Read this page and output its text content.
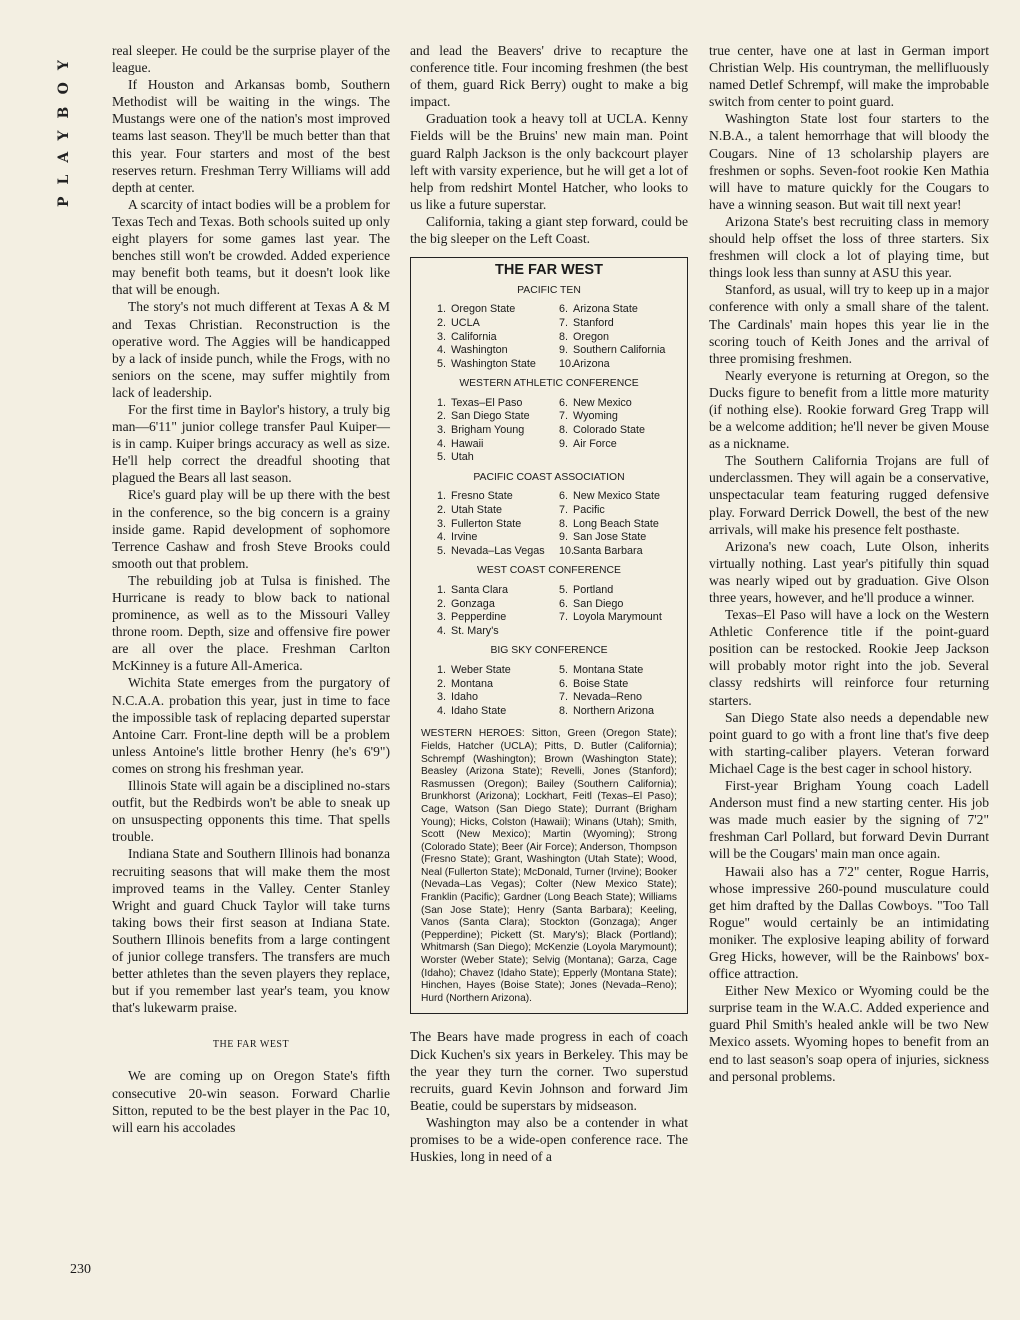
PLAYBOY
230

real sleeper. He could be the surprise player of the league.

If Houston and Arkansas bomb, Southern Methodist will be waiting in the wings. The Mustangs were one of the nation's most improved teams last season. They'll be much better than that this year. Four starters and most of the best reserves return. Freshman Terry Williams will add depth at center.

A scarcity of intact bodies will be a problem for Texas Tech and Texas. Both schools suited up only eight players for some games last year. The benches still won't be crowded. Added experience may benefit both teams, but it doesn't look like that will be enough.

The story's not much different at Texas A & M and Texas Christian. Reconstruction is the operative word. The Aggies will be handicapped by a lack of inside punch, while the Frogs, with no seniors on the scene, may suffer mightily from lack of leadership.

For the first time in Baylor's history, a truly big man—6'11" junior college transfer Paul Kuiper—is in camp. Kuiper brings accuracy as well as size. He'll help correct the dreadful shooting that plagued the Bears all last season.

Rice's guard play will be up there with the best in the conference, so the big concern is a grainy inside game. Rapid development of sophomore Terrence Cashaw and frosh Steve Brooks could smooth out that problem.

The rebuilding job at Tulsa is finished. The Hurricane is ready to blow back to national prominence, as well as to the Missouri Valley throne room. Depth, size and offensive fire power are all over the place. Freshman Carlton McKinney is a future All-America.

Wichita State emerges from the purgatory of N.C.A.A. probation this year, just in time to face the impossible task of replacing departed superstar Antoine Carr. Front-line depth will be a problem unless Antoine's little brother Henry (he's 6'9") comes on strong his freshman year.

Illinois State will again be a disciplined no-stars outfit, but the Redbirds won't be able to sneak up on unsuspecting opponents this time. That spells trouble.

Indiana State and Southern Illinois had bonanza recruiting seasons that will make them the most improved teams in the Valley. Center Stanley Wright and guard Chuck Taylor will take turns taking bows their first season at Indiana State. Southern Illinois benefits from a large contingent of junior college transfers. The transfers are much better athletes than the seven players they replace, but if you remember last year's team, you know that's lukewarm praise.

THE FAR WEST

We are coming up on Oregon State's fifth consecutive 20-win season. Forward Charlie Sitton, reputed to be the best player in the Pac 10, will earn his accolades

and lead the Beavers' drive to recapture the conference title. Four incoming freshmen (the best of them, guard Rick Berry) ought to make a big impact.

Graduation took a heavy toll at UCLA. Kenny Fields will be the Bruins' new main man. Point guard Ralph Jackson is the only backcourt player left with varsity experience, but he will get a lot of help from redshirt Montel Hatcher, who looks to us like a future superstar.

California, taking a giant step forward, could be the big sleeper on the Left Coast.

THE FAR WEST
PACIFIC TEN
1. Oregon State	6. Arizona State
2. UCLA	7. Stanford
3. California	8. Oregon
4. Washington	9. Southern California
5. Washington State	10.Arizona
WESTERN ATHLETIC CONFERENCE
1. Texas–El Paso	6. New Mexico
2. San Diego State	7. Wyoming
3. Brigham Young	8. Colorado State
4. Hawaii	9. Air Force
5. Utah
PACIFIC COAST ASSOCIATION
1. Fresno State	6. New Mexico State
2. Utah State	7. Pacific
3. Fullerton State	8. Long Beach State
4. Irvine	9. San Jose State
5. Nevada–Las Vegas	10.Santa Barbara
WEST COAST CONFERENCE
1. Santa Clara	5. Portland
2. Gonzaga	6. San Diego
3. Pepperdine	7. Loyola Marymount
4. St. Mary's
BIG SKY CONFERENCE
1. Weber State	5. Montana State
2. Montana	6. Boise State
3. Idaho	7. Nevada–Reno
4. Idaho State	8. Northern Arizona
WESTERN HEROES: Sitton, Green (Oregon State); Fields, Hatcher (UCLA); Pitts, D. Butler (California); Schrempf (Washington); Brown (Washington State); Beasley (Arizona State); Revelli, Jones (Stanford); Rasmussen (Oregon); Bailey (Southern California); Brunkhorst (Arizona); Lockhart, Feitl (Texas–El Paso); Cage, Watson (San Diego State); Durrant (Brigham Young); Hicks, Colston (Hawaii); Winans (Utah); Smith, Scott (New Mexico); Martin (Wyoming); Strong (Colorado State); Beer (Air Force); Anderson, Thompson (Fresno State); Grant, Washington (Utah State); Wood, Neal (Fullerton State); McDonald, Turner (Irvine); Booker (Nevada–Las Vegas); Colter (New Mexico State); Franklin (Pacific); Gardner (Long Beach State); Williams (San Jose State); Henry (Santa Barbara); Keeling, Vanos (Santa Clara); Stockton (Gonzaga); Anger (Pepperdine); Pickett (St. Mary's); Black (Portland); Whitmarsh (San Diego); McKenzie (Loyola Marymount); Worster (Weber State); Selvig (Montana); Garza, Cage (Idaho); Chavez (Idaho State); Epperly (Montana State); Hinchen, Hayes (Boise State); Jones (Nevada–Reno); Hurd (Northern Arizona).

The Bears have made progress in each of coach Dick Kuchen's six years in Berkeley. This may be the year they turn the corner. Two superstud recruits, guard Kevin Johnson and forward Jim Beatie, could be superstars by midseason.

Washington may also be a contender in what promises to be a wide-open conference race. The Huskies, long in need of a

true center, have one at last in German import Christian Welp. His countryman, the mellifluously named Detlef Schrempf, will make the improbable switch from center to point guard.

Washington State lost four starters to the N.B.A., a talent hemorrhage that will bloody the Cougars. Nine of 13 scholarship players are freshmen or sophs. Seven-foot rookie Ken Mathia will have to mature quickly for the Cougars to have a winning season. But wait till next year!

Arizona State's best recruiting class in memory should help offset the loss of three starters. Six freshmen will clock a lot of playing time, but things look less than sunny at ASU this year.

Stanford, as usual, will try to keep up in a major conference with only a small share of the talent. The Cardinals' main hopes this year lie in the scoring touch of Keith Jones and the arrival of three promising freshmen.

Nearly everyone is returning at Oregon, so the Ducks figure to benefit from a little more maturity (if nothing else). Rookie forward Greg Trapp will be a welcome addition; he'll never be given Mouse as a nickname.

The Southern California Trojans are full of underclassmen. They will again be a conservative, unspectacular team featuring rugged defensive play. Forward Derrick Dowell, the best of the new arrivals, will make his presence felt posthaste.

Arizona's new coach, Lute Olson, inherits virtually nothing. Last year's pitifully thin squad was nearly wiped out by graduation. Give Olson three years, however, and he'll produce a winner.

Texas–El Paso will have a lock on the Western Athletic Conference title if the point-guard position can be restocked. Rookie Jeep Jackson will probably motor right into the job. Several classy redshirts will reinforce four returning starters.

San Diego State also needs a dependable new point guard to go with a front line that's five deep with starting-caliber players. Veteran forward Michael Cage is the best cager in school history.

First-year Brigham Young coach Ladell Anderson must find a new starting center. His job was made much easier by the signing of 7'2" freshman Carl Pollard, but forward Devin Durrant will be the Cougars' main man once again.

Hawaii also has a 7'2" center, Rogue Harris, whose impressive 260-pound musculature could get him drafted by the Dallas Cowboys. "Too Tall Rogue" would certainly be an intimidating moniker. The explosive leaping ability of forward Greg Hicks, however, will be the Rainbows' box-office attraction.

Either New Mexico or Wyoming could be the surprise team in the W.A.C. Added experience and guard Phil Smith's healed ankle will be two New Mexico assets. Wyoming hopes to benefit from an end to last season's soap opera of injuries, sickness and personal problems.
